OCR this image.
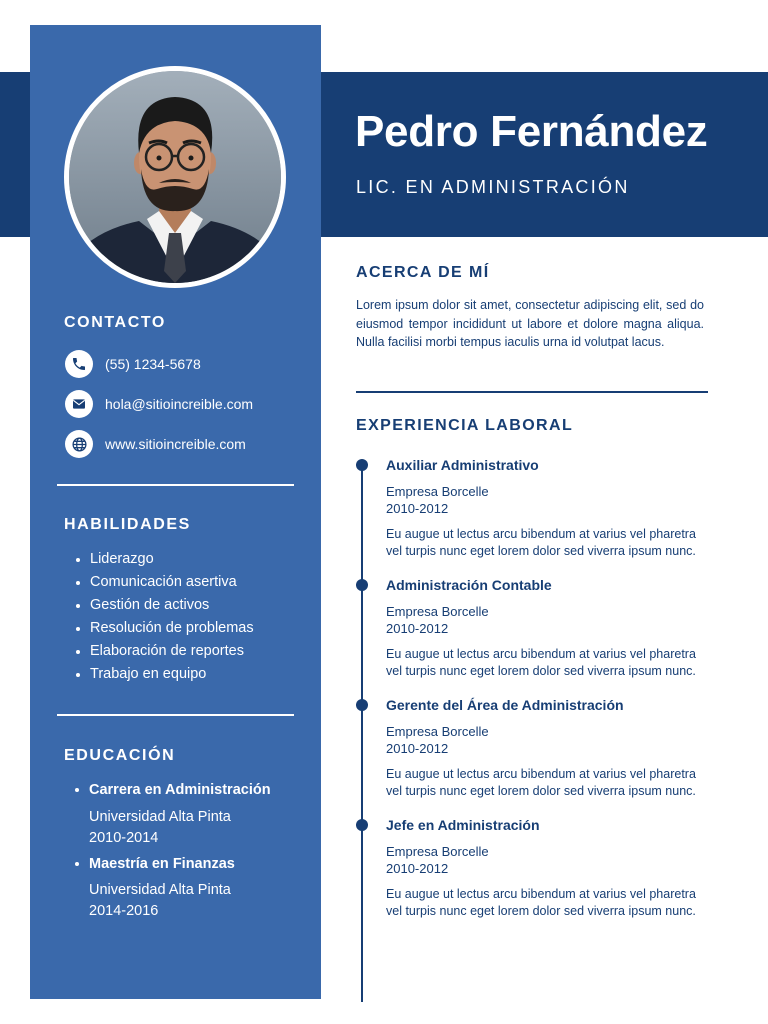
Pedro Fernández
LIC. EN ADMINISTRACIÓN
CONTACTO
(55) 1234-5678
hola@sitioincreible.com
www.sitioincreible.com
HABILIDADES
Liderazgo
Comunicación asertiva
Gestión de activos
Resolución de problemas
Elaboración de reportes
Trabajo en equipo
EDUCACIÓN
Carrera en Administración
Universidad Alta Pinta
2010-2014
Maestría en Finanzas
Universidad Alta Pinta
2014-2016
ACERCA DE MÍ
Lorem ipsum dolor sit amet, consectetur adipiscing elit, sed do eiusmod tempor incididunt ut labore et dolore magna aliqua. Nulla facilisi morbi tempus iaculis urna id volutpat lacus.
EXPERIENCIA LABORAL
Auxiliar Administrativo
Empresa Borcelle
2010-2012
Eu augue ut lectus arcu bibendum at varius vel pharetra vel turpis nunc eget lorem dolor sed viverra ipsum nunc.
Administración Contable
Empresa Borcelle
2010-2012
Eu augue ut lectus arcu bibendum at varius vel pharetra vel turpis nunc eget lorem dolor sed viverra ipsum nunc.
Gerente del Área de Administración
Empresa Borcelle
2010-2012
Eu augue ut lectus arcu bibendum at varius vel pharetra vel turpis nunc eget lorem dolor sed viverra ipsum nunc.
Jefe en Administración
Empresa Borcelle
2010-2012
Eu augue ut lectus arcu bibendum at varius vel pharetra vel turpis nunc eget lorem dolor sed viverra ipsum nunc.
